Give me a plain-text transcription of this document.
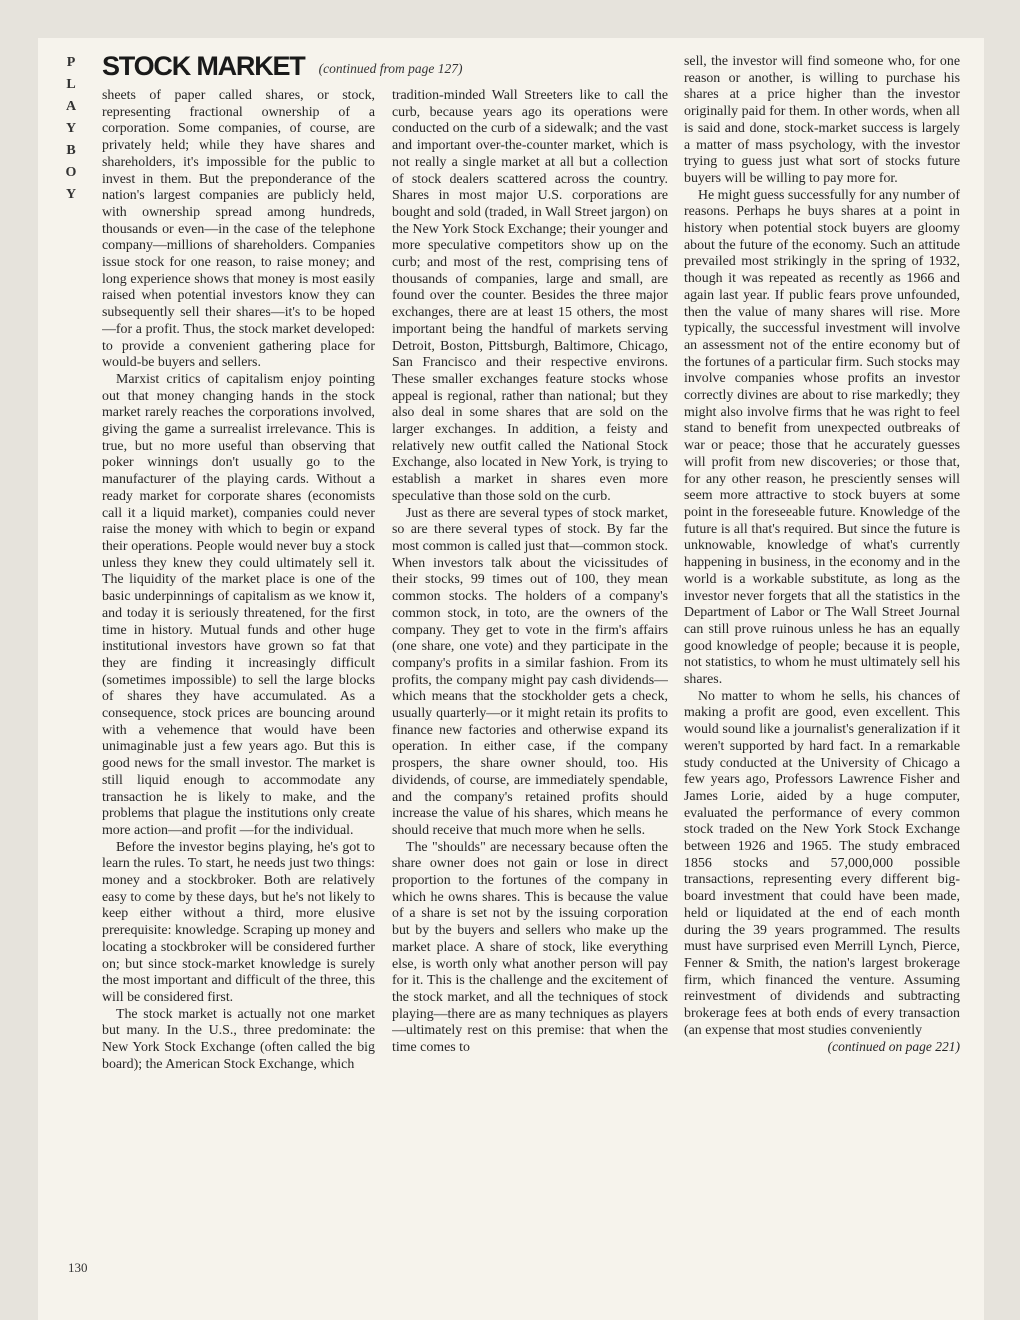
P
L
A
Y
B
O
Y
STOCK MARKET (continued from page 127)

sheets of paper called shares, or stock, representing fractional ownership of a corporation. Some companies, of course, are privately held; while they have shares and shareholders, it's impossible for the public to invest in them. But the preponderance of the nation's largest companies are publicly held, with ownership spread among hundreds, thousands or even—in the case of the telephone company—millions of shareholders. Companies issue stock for one reason, to raise money; and long experience shows that money is most easily raised when potential investors know they can subsequently sell their shares—it's to be hoped—for a profit. Thus, the stock market developed: to provide a convenient gathering place for would-be buyers and sellers.

Marxist critics of capitalism enjoy pointing out that money changing hands in the stock market rarely reaches the corporations involved, giving the game a surrealist irrelevance. This is true, but no more useful than observing that poker winnings don't usually go to the manufacturer of the playing cards. Without a ready market for corporate shares (economists call it a liquid market), companies could never raise the money with which to begin or expand their operations. People would never buy a stock unless they knew they could ultimately sell it. The liquidity of the market place is one of the basic underpinnings of capitalism as we know it, and today it is seriously threatened, for the first time in history. Mutual funds and other huge institutional investors have grown so fat that they are finding it increasingly difficult (sometimes impossible) to sell the large blocks of shares they have accumulated. As a consequence, stock prices are bouncing around with a vehemence that would have been unimaginable just a few years ago. But this is good news for the small investor. The market is still liquid enough to accommodate any transaction he is likely to make, and the problems that plague the institutions only create more action—and profit —for the individual.

Before the investor begins playing, he's got to learn the rules. To start, he needs just two things: money and a stockbroker. Both are relatively easy to come by these days, but he's not likely to keep either without a third, more elusive prerequisite: knowledge. Scraping up money and locating a stockbroker will be considered further on; but since stock-market knowledge is surely the most important and difficult of the three, this will be considered first.

The stock market is actually not one market but many. In the U.S., three predominate: the New York Stock Exchange (often called the big board); the American Stock Exchange, which

tradition-minded Wall Streeters like to call the curb, because years ago its operations were conducted on the curb of a sidewalk; and the vast and important over-the-counter market, which is not really a single market at all but a collection of stock dealers scattered across the country. Shares in most major U.S. corporations are bought and sold (traded, in Wall Street jargon) on the New York Stock Exchange; their younger and more speculative competitors show up on the curb; and most of the rest, comprising tens of thousands of companies, large and small, are found over the counter. Besides the three major exchanges, there are at least 15 others, the most important being the handful of markets serving Detroit, Boston, Pittsburgh, Baltimore, Chicago, San Francisco and their respective environs. These smaller exchanges feature stocks whose appeal is regional, rather than national; but they also deal in some shares that are sold on the larger exchanges. In addition, a feisty and relatively new outfit called the National Stock Exchange, also located in New York, is trying to establish a market in shares even more speculative than those sold on the curb.

Just as there are several types of stock market, so are there several types of stock. By far the most common is called just that—common stock. When investors talk about the vicissitudes of their stocks, 99 times out of 100, they mean common stocks. The holders of a company's common stock, in toto, are the owners of the company. They get to vote in the firm's affairs (one share, one vote) and they participate in the company's profits in a similar fashion. From its profits, the company might pay cash dividends—which means that the stockholder gets a check, usually quarterly—or it might retain its profits to finance new factories and otherwise expand its operation. In either case, if the company prospers, the share owner should, too. His dividends, of course, are immediately spendable, and the company's retained profits should increase the value of his shares, which means he should receive that much more when he sells.

The "shoulds" are necessary because often the share owner does not gain or lose in direct proportion to the fortunes of the company in which he owns shares. This is because the value of a share is set not by the issuing corporation but by the buyers and sellers who make up the market place. A share of stock, like everything else, is worth only what another person will pay for it. This is the challenge and the excitement of the stock market, and all the techniques of stock playing—there are as many techniques as players—ultimately rest on this premise: that when the time comes to

sell, the investor will find someone who, for one reason or another, is willing to purchase his shares at a price higher than the investor originally paid for them. In other words, when all is said and done, stock-market success is largely a matter of mass psychology, with the investor trying to guess just what sort of stocks future buyers will be willing to pay more for.

He might guess successfully for any number of reasons. Perhaps he buys shares at a point in history when potential stock buyers are gloomy about the future of the economy. Such an attitude prevailed most strikingly in the spring of 1932, though it was repeated as recently as 1966 and again last year. If public fears prove unfounded, then the value of many shares will rise. More typically, the successful investment will involve an assessment not of the entire economy but of the fortunes of a particular firm. Such stocks may involve companies whose profits an investor correctly divines are about to rise markedly; they might also involve firms that he was right to feel stand to benefit from unexpected outbreaks of war or peace; those that he accurately guesses will profit from new discoveries; or those that, for any other reason, he presciently senses will seem more attractive to stock buyers at some point in the foreseeable future. Knowledge of the future is all that's required. But since the future is unknowable, knowledge of what's currently happening in business, in the economy and in the world is a workable substitute, as long as the investor never forgets that all the statistics in the Department of Labor or The Wall Street Journal can still prove ruinous unless he has an equally good knowledge of people; because it is people, not statistics, to whom he must ultimately sell his shares.

No matter to whom he sells, his chances of making a profit are good, even excellent. This would sound like a journalist's generalization if it weren't supported by hard fact. In a remarkable study conducted at the University of Chicago a few years ago, Professors Lawrence Fisher and James Lorie, aided by a huge computer, evaluated the performance of every common stock traded on the New York Stock Exchange between 1926 and 1965. The study embraced 1856 stocks and 57,000,000 possible transactions, representing every different big-board investment that could have been made, held or liquidated at the end of each month during the 39 years programmed. The results must have surprised even Merrill Lynch, Pierce, Fenner & Smith, the nation's largest brokerage firm, which financed the venture. Assuming reinvestment of dividends and subtracting brokerage fees at both ends of every transaction (an expense that most studies conveniently

(continued on page 221)

130
